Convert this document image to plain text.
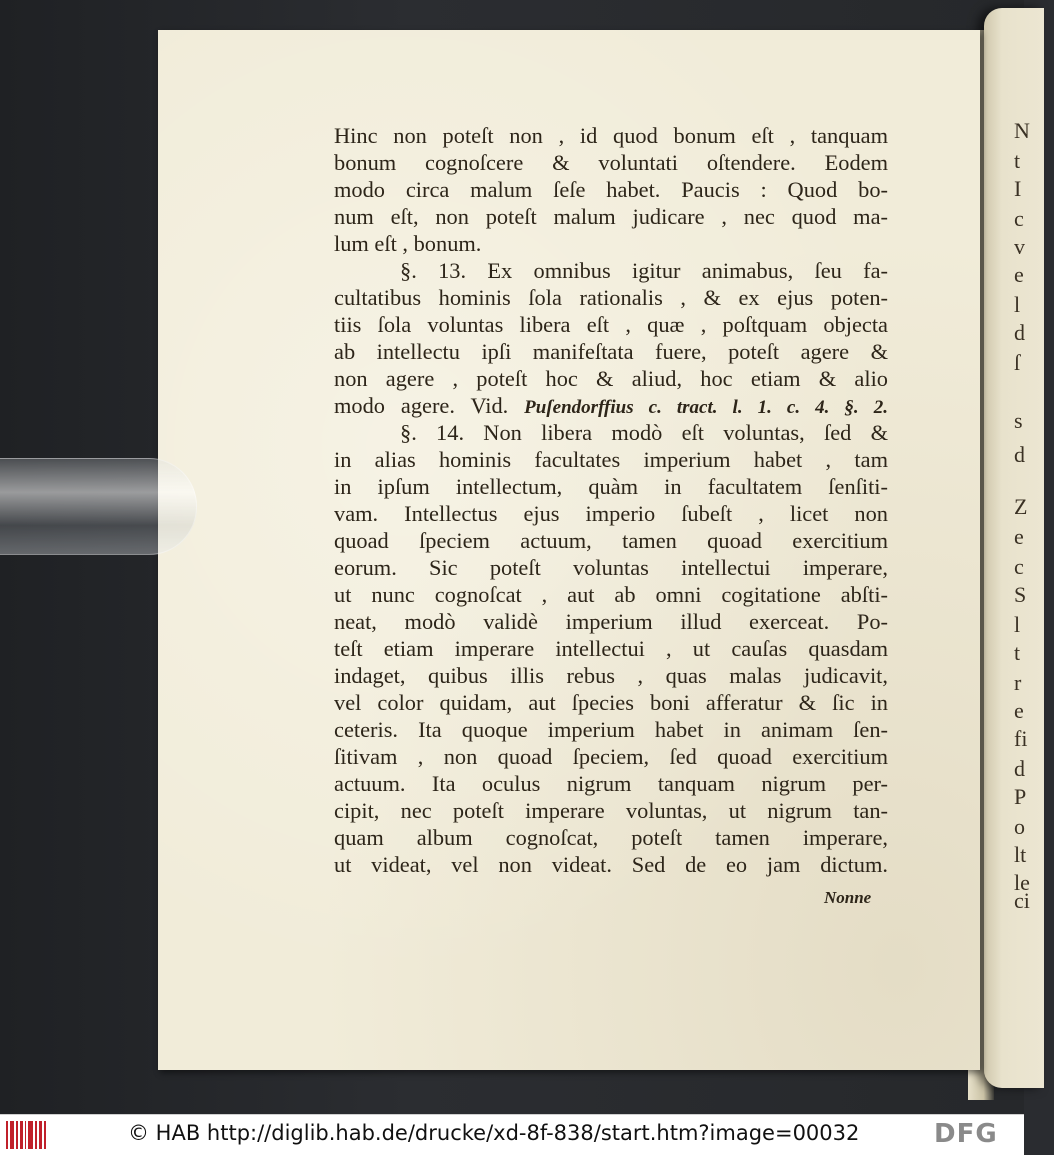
N
t
I
c
v
e
l
d
ſ
s
d
Z
e
c
S
l
t
r
e
fi
d
P
o
lt
le
ci
Hinc non poteſt non , id quod bonum eſt , tanquam
bonum cognoſcere & voluntati oſtendere. Eodem
modo circa malum ſeſe habet. Paucis : Quod bo-
num eſt, non poteſt malum judicare , nec quod ma-
lum eſt , bonum.
§. 13. Ex omnibus igitur animabus, ſeu fa-
cultatibus hominis ſola rationalis , & ex ejus poten-
tiis ſola voluntas libera eſt , quæ , poſtquam objecta
ab intellectu ipſi manifeſtata fuere, poteſt agere &
non agere , poteſt hoc & aliud, hoc etiam & alio
modo agere. Vid. Puſendorffius c. tract. l. 1. c. 4. §. 2.
§. 14. Non libera modò eſt voluntas, ſed &
in alias hominis facultates imperium habet , tam
in ipſum intellectum, quàm in facultatem ſenſiti-
vam. Intellectus ejus imperio ſubeſt , licet non
quoad ſpeciem actuum, tamen quoad exercitium
eorum. Sic poteſt voluntas intellectui imperare,
ut nunc cognoſcat , aut ab omni cogitatione abſti-
neat, modò validè imperium illud exerceat. Po-
teſt etiam imperare intellectui , ut cauſas quasdam
indaget, quibus illis rebus , quas malas judicavit,
vel color quidam, aut ſpecies boni afferatur & ſic in
ceteris. Ita quoque imperium habet in animam ſen-
ſitivam , non quoad ſpeciem, ſed quoad exercitium
actuum. Ita oculus nigrum tanquam nigrum per-
cipit, nec poteſt imperare voluntas, ut nigrum tan-
quam album cognoſcat, poteſt tamen imperare,
ut videat, vel non videat. Sed de eo jam dictum.
Nonne
© HAB http://diglib.hab.de/drucke/xd-8f-838/start.htm?image=00032	DFG
